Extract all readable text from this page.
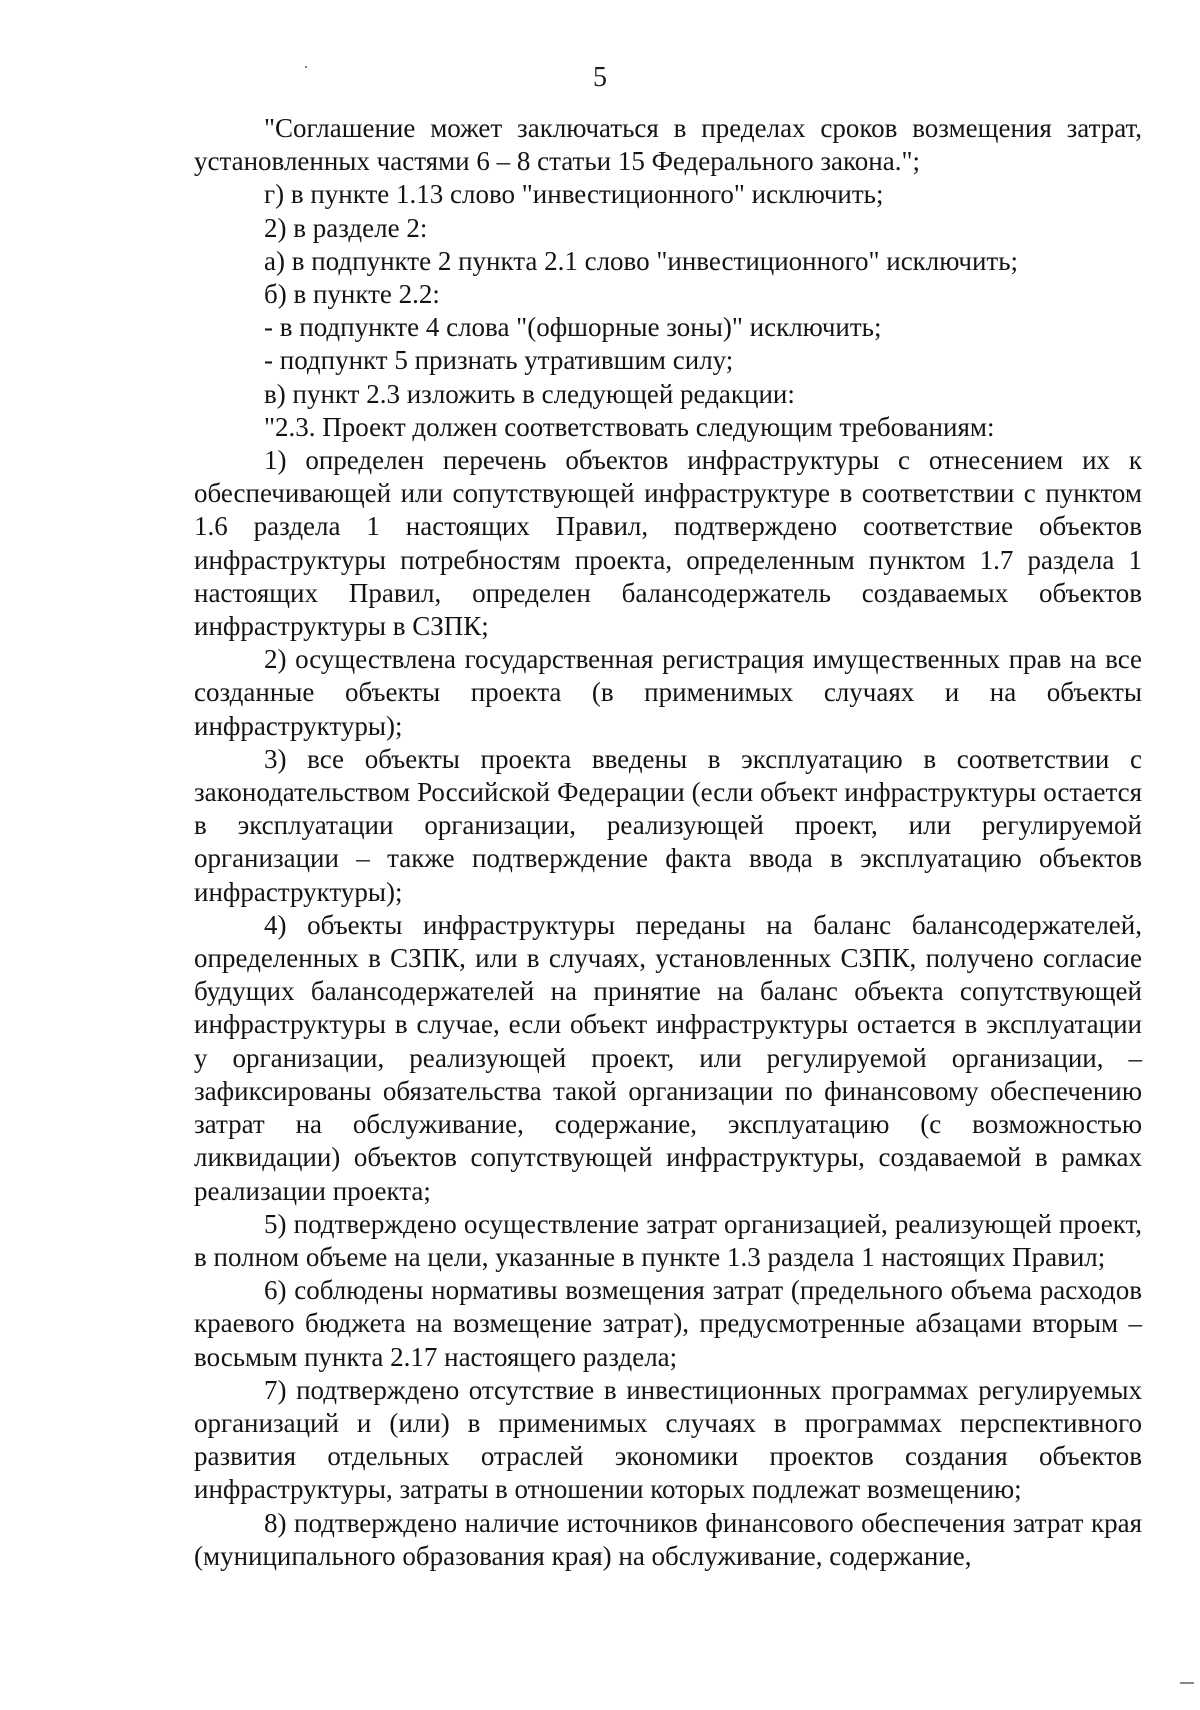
5

"Соглашение может заключаться в пределах сроков возмещения затрат, установленных частями 6 – 8 статьи 15 Федерального закона.";

г) в пункте 1.13 слово "инвестиционного" исключить;

2) в разделе 2:

а) в подпункте 2 пункта 2.1 слово "инвестиционного" исключить;

б) в пункте 2.2:

- в подпункте 4 слова "(офшорные зоны)" исключить;

- подпункт 5 признать утратившим силу;

в) пункт 2.3 изложить в следующей редакции:

"2.3. Проект должен соответствовать следующим требованиям:

1) определен перечень объектов инфраструктуры с отнесением их к обеспечивающей или сопутствующей инфраструктуре в соответствии с пунктом 1.6 раздела 1 настоящих Правил, подтверждено соответствие объектов инфраструктуры потребностям проекта, определенным пунктом 1.7 раздела 1 настоящих Правил, определен балансодержатель создаваемых объектов инфраструктуры в СЗПК;

2) осуществлена государственная регистрация имущественных прав на все созданные объекты проекта (в применимых случаях и на объекты инфраструктуры);

3) все объекты проекта введены в эксплуатацию в соответствии с законодательством Российской Федерации (если объект инфраструктуры остается в эксплуатации организации, реализующей проект, или регулируемой организации – также подтверждение факта ввода в эксплуатацию объектов инфраструктуры);

4) объекты инфраструктуры переданы на баланс балансодержателей, определенных в СЗПК, или в случаях, установленных СЗПК, получено согласие будущих балансодержателей на принятие на баланс объекта сопутствующей инфраструктуры в случае, если объект инфраструктуры остается в эксплуатации у организации, реализующей проект, или регулируемой организации, – зафиксированы обязательства такой организации по финансовому обеспечению затрат на обслуживание, содержание, эксплуатацию (с возможностью ликвидации) объектов сопутствующей инфраструктуры, создаваемой в рамках реализации проекта;

5) подтверждено осуществление затрат организацией, реализующей проект, в полном объеме на цели, указанные в пункте 1.3 раздела 1 настоящих Правил;

6) соблюдены нормативы возмещения затрат (предельного объема расходов краевого бюджета на возмещение затрат), предусмотренные абзацами вторым – восьмым пункта 2.17 настоящего раздела;

7) подтверждено отсутствие в инвестиционных программах регулируемых организаций и (или) в применимых случаях в программах перспективного развития отдельных отраслей экономики проектов создания объектов инфраструктуры, затраты в отношении которых подлежат возмещению;

8) подтверждено наличие источников финансового обеспечения затрат края (муниципального образования края) на обслуживание, содержание,
